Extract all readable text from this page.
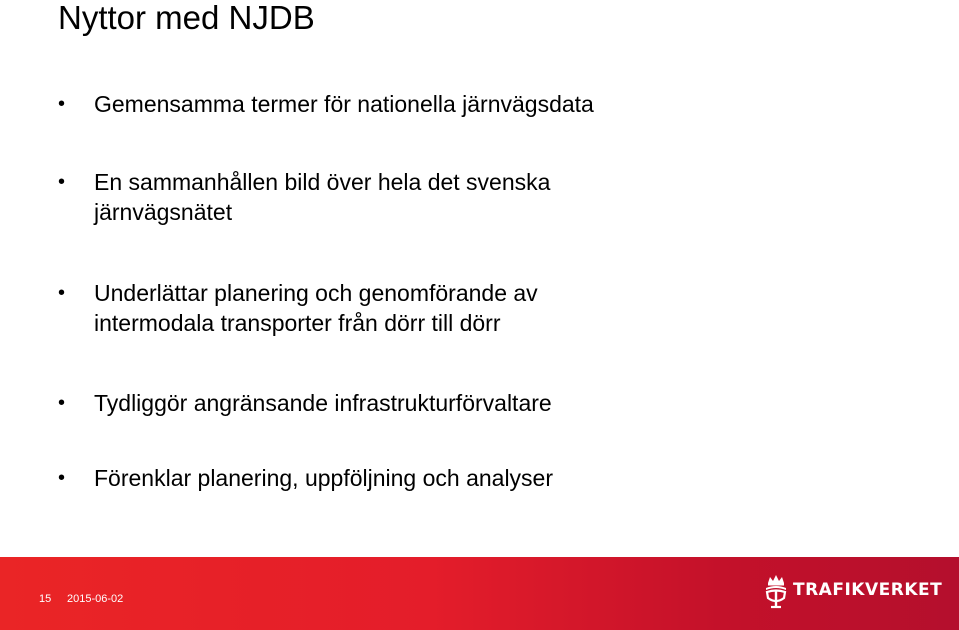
Nyttor med NJDB
•	Gemensamma termer för nationella järnvägsdata
•	En sammanhållen bild över hela det svenska järnvägsnätet
•	Underlättar planering och genomförande av intermodala transporter från dörr till dörr
•	Tydliggör angränsande infrastrukturförvaltare
•	Förenklar planering, uppföljning och analyser
15 2015-06-02	TRAFIKVERKET
